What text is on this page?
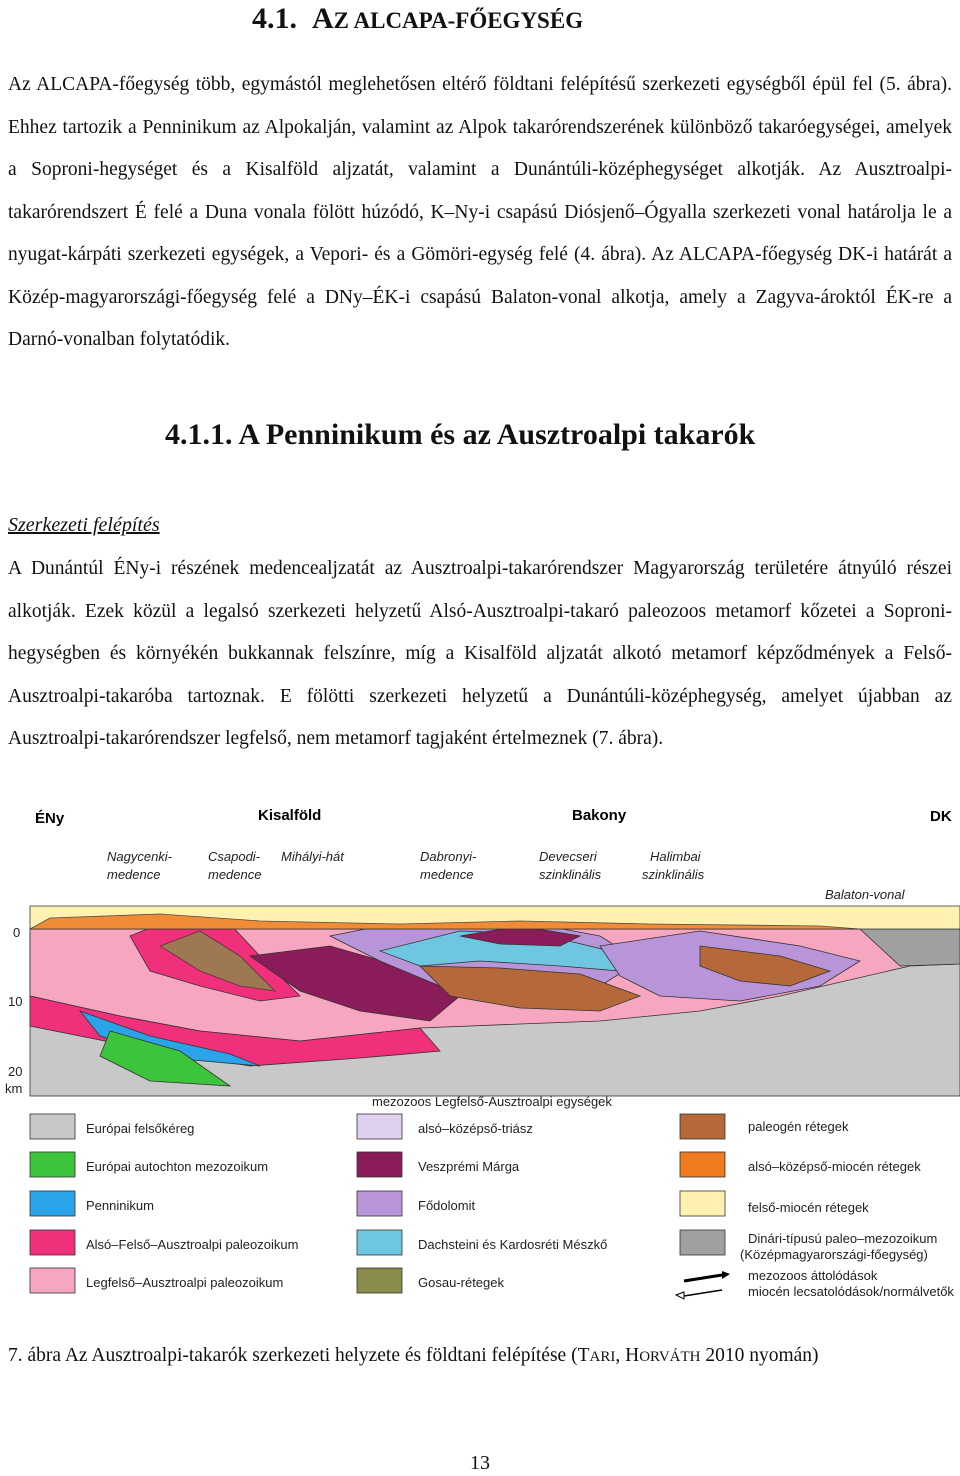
4.1. AZ ALCAPA-FŐEGYSÉG

Az ALCAPA-főegység több, egymástól meglehetősen eltérő földtani felépítésű szerkezeti egységből épül fel (5. ábra). Ehhez tartozik a Penninikum az Alpokalján, valamint az Alpok takarórendszerének különböző takaróegységei, amelyek a Soproni-hegységet és a Kisalföld aljzatát, valamint a Dunántúli-középhegységet alkotják. Az Ausztroalpi-takarórendszert É felé a Duna vonala fölött húzódó, K–Ny-i csapású Diósjenő–Ógyalla szerkezeti vonal határolja le a nyugat-kárpáti szerkezeti egységek, a Vepori- és a Gömöri-egység felé (4. ábra). Az ALCAPA-főegység DK-i határát a Közép-magyarországi-főegység felé a DNy–ÉK-i csapású Balaton-vonal alkotja, amely a Zagyva-ároktól ÉK-re a Darnó-vonalban folytatódik.

4.1.1. A Penninikum és az Ausztroalpi takarók
Szerkezeti felépítés

A Dunántúl ÉNy-i részének medencealjzatát az Ausztroalpi-takarórendszer Magyarország területére átnyúló részei alkotják. Ezek közül a legalsó szerkezeti helyzetű Alsó-Ausztroalpi-takaró paleozoos metamorf kőzetei a Soproni-hegységben és környékén bukkannak felszínre, míg a Kisalföld aljzatát alkotó metamorf képződmények a Felső-Ausztroalpi-takaróba tartoznak. E fölötti szerkezeti helyzetű a Dunántúli-középhegység, amelyet újabban az Ausztroalpi-takarórendszer legfelső, nem metamorf tagjaként értelmeznek (7. ábra).

ÉNy	Kisalföld	Bakony	DK
Nagycenki-
medence
Csapodi-
medence
Mihályi-hát	Dabronyi-
medence
Devecseri
szinklinális
Halimbai
szinklinális
Balaton-vonal
0
10
20
km
mezozoos Legfelső-Ausztroalpi egységek
Európai felsőkéreg
Európai autochton mezozoikum
Penninikum
Alsó–Felső–Ausztroalpi paleozoikum
Legfelső–Ausztroalpi paleozoikum
alsó–középső-triász
Veszprémi Márga
Fődolomit
Dachsteini és Kardosréti Mészkő
Gosau-rétegek
paleogén rétegek
alsó–középső-miocén rétegek
felső-miocén rétegek
Dinári-típusú paleo–mezozoikum
(Középmagyarországi-főegység)
mezozoos áttolódások
miocén lecsatolódások/normálvetők
7. ábra Az Ausztroalpi-takarók szerkezeti helyzete és földtani felépítése (TARI, HORVÁTH 2010 nyomán)
13
